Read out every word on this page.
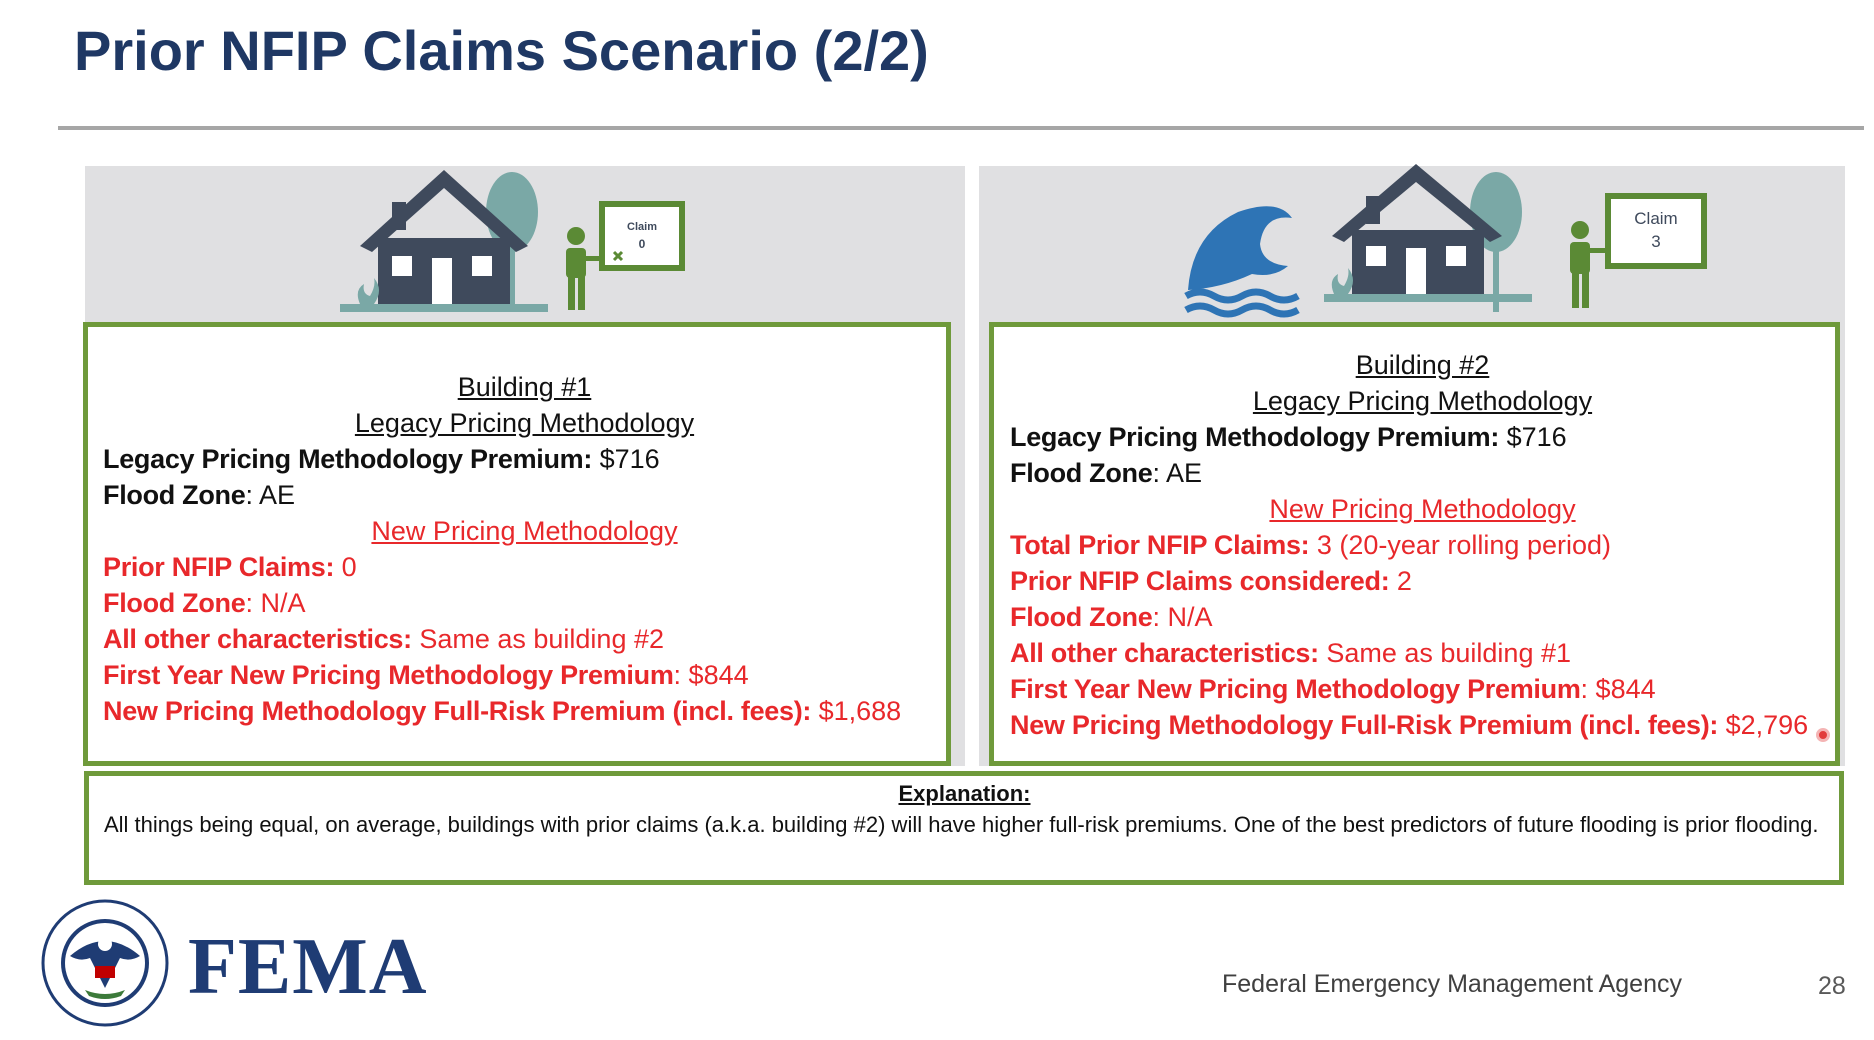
Prior NFIP Claims Scenario (2/2)
Claim
0
Claim
3
Building #1
Legacy Pricing Methodology
Legacy Pricing Methodology Premium: $716
Flood Zone: AE
New Pricing Methodology
Prior NFIP Claims: 0
Flood Zone: N/A
All other characteristics: Same as building #2
First Year New Pricing Methodology Premium: $844
New Pricing Methodology Full-Risk Premium (incl. fees): $1,688
Building #2
Legacy Pricing Methodology
Legacy Pricing Methodology Premium: $716
Flood Zone: AE
New Pricing Methodology
Total Prior NFIP Claims: 3 (20-year rolling period)
Prior NFIP Claims considered: 2
Flood Zone: N/A
All other characteristics: Same as building #1
First Year New Pricing Methodology Premium: $844
New Pricing Methodology Full-Risk Premium (incl. fees): $2,796
Explanation:
All things being equal, on average, buildings with prior claims (a.k.a. building #2) will have higher full-risk premiums. One of the best predictors of future flooding is prior flooding.
FEMA	Federal Emergency Management Agency	28
